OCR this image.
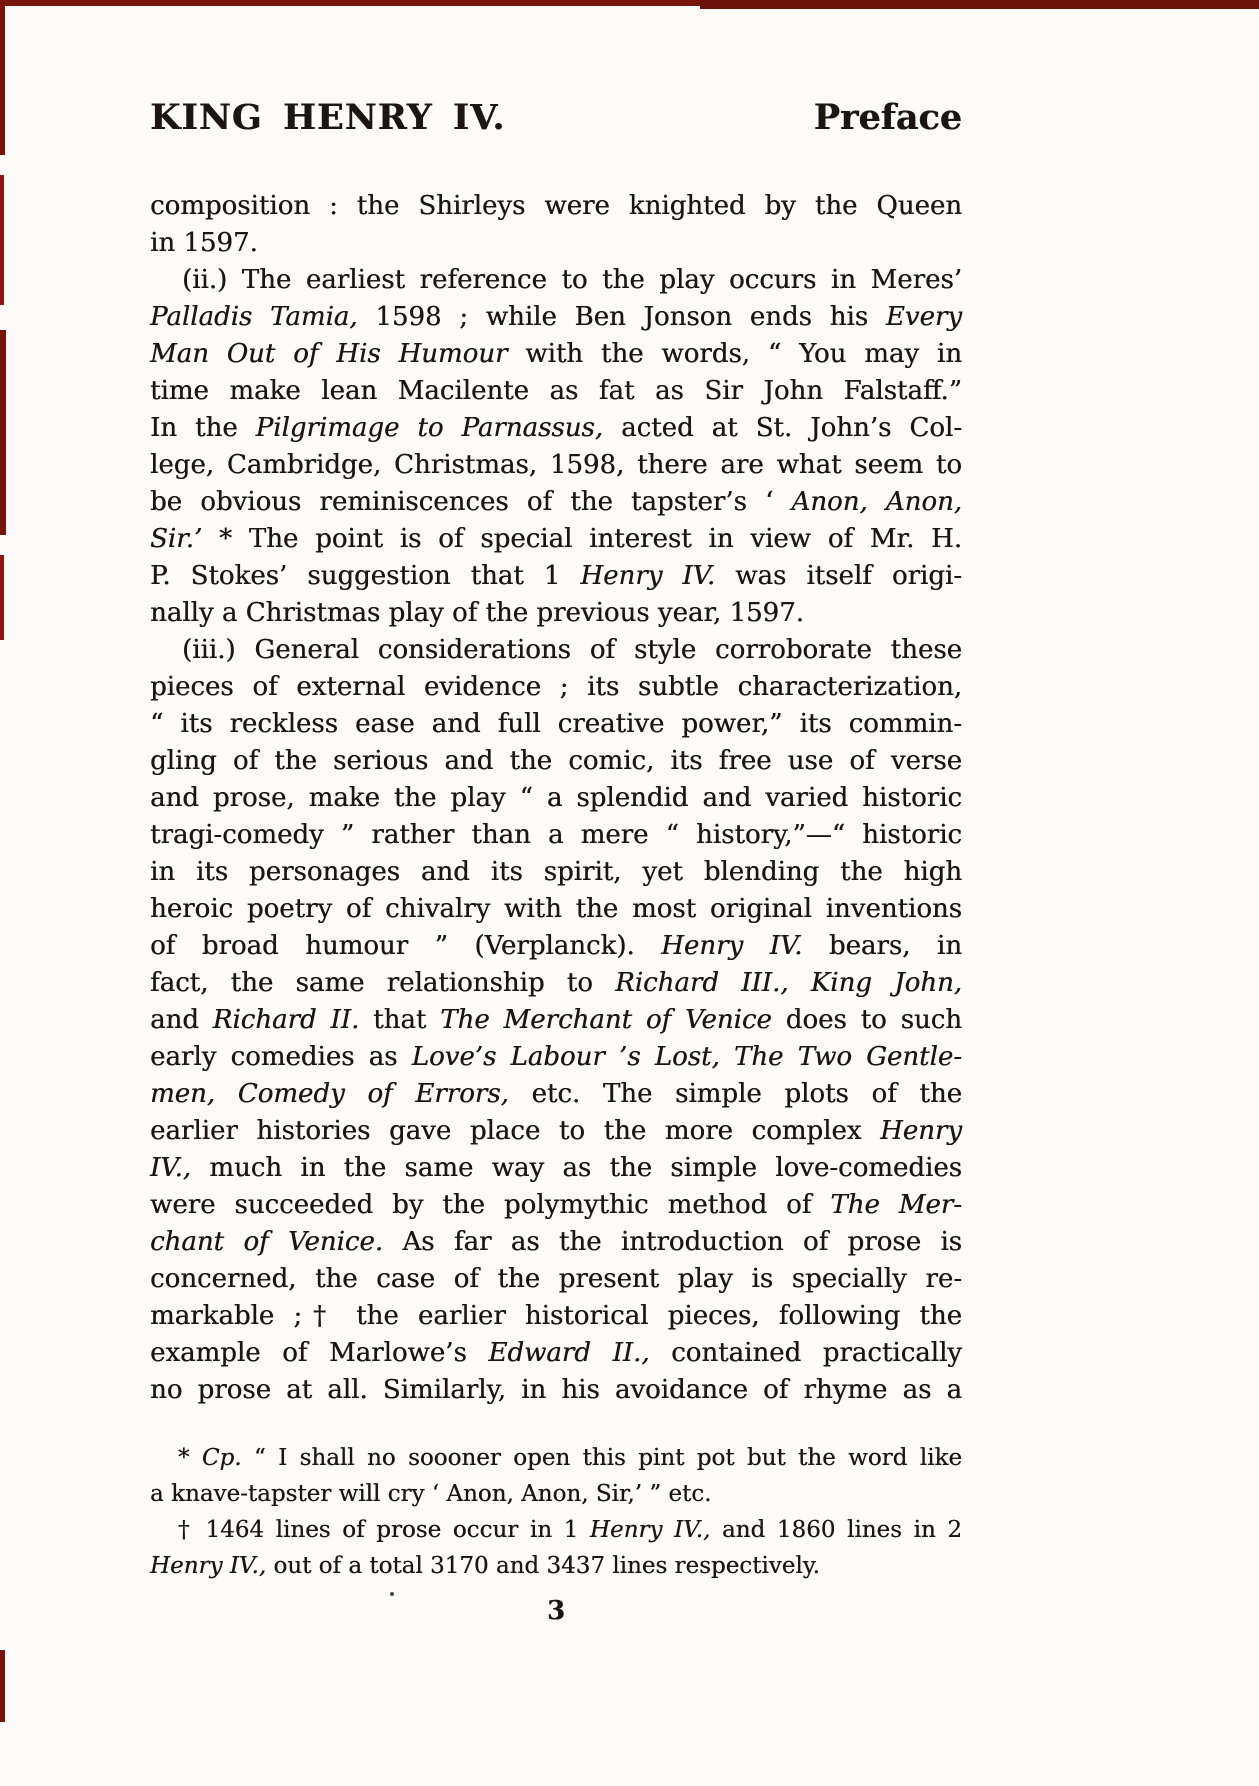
KING HENRY IV.	Preface
composition : the Shirleys were knighted by the Queen
in 1597.
(ii.) The earliest reference to the play occurs in Meres’
Palladis Tamia, 1598 ; while Ben Jonson ends his Every
Man Out of His Humour with the words, “ You may in
time make lean Macilente as fat as Sir John Falstaff.”
In the Pilgrimage to Parnassus, acted at St. John’s Col-
lege, Cambridge, Christmas, 1598, there are what seem to
be obvious reminiscences of the tapster’s ‘ Anon, Anon,
Sir.’ * The point is of special interest in view of Mr. H.
P. Stokes’ suggestion that 1 Henry IV. was itself origi-
nally a Christmas play of the previous year, 1597.
(iii.) General considerations of style corroborate these
pieces of external evidence ; its subtle characterization,
“ its reckless ease and full creative power,” its commin-
gling of the serious and the comic, its free use of verse
and prose, make the play “ a splendid and varied historic
tragi-comedy ” rather than a mere “ history,”—“ historic
in its personages and its spirit, yet blending the high
heroic poetry of chivalry with the most original inventions
of broad humour ” (Verplanck). Henry IV. bears, in
fact, the same relationship to Richard III., King John,
and Richard II. that The Merchant of Venice does to such
early comedies as Love’s Labour ’s Lost, The Two Gentle-
men, Comedy of Errors, etc. The simple plots of the
earlier histories gave place to the more complex Henry
IV., much in the same way as the simple love-comedies
were succeeded by the polymythic method of The Mer-
chant of Venice. As far as the introduction of prose is
concerned, the case of the present play is specially re-
markable ;† the earlier historical pieces, following the
example of Marlowe’s Edward II., contained practically
no prose at all. Similarly, in his avoidance of rhyme as a
* Cp. “ I shall no soooner open this pint pot but the word like
a knave-tapster will cry ‘ Anon, Anon, Sir,’ ” etc.
† 1464 lines of prose occur in 1 Henry IV., and 1860 lines in 2
Henry IV., out of a total 3170 and 3437 lines respectively.
3
